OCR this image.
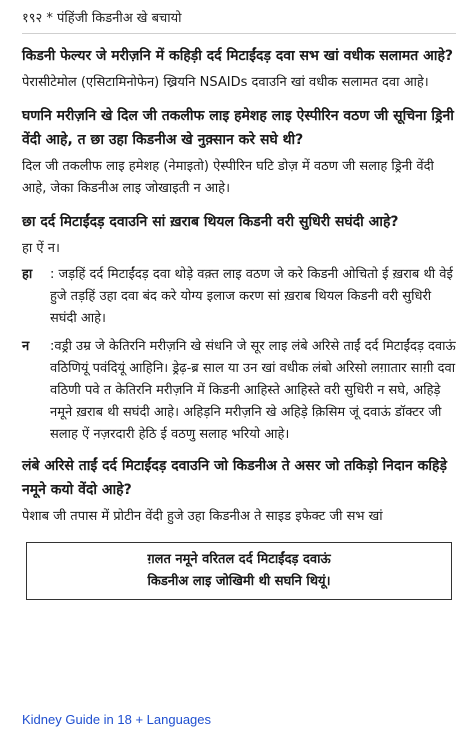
१९२ * पंहिंजी किडनीअ खे बचायो

किडनी फेल्यर जे मरीज़नि में कहिड़ी दर्द मिटाईंदड़ दवा सभ खां वधीक सलामत आहे?

पेरासीटेमोल (एसिटामिनोफेन) ख्रियनि NSAIDs दवाउनि खां वधीक सलामत दवा आहे।

घणनि मरीज़नि खे दिल जी तकलीफ लाइ हमेशह लाइ ऐस्पीरिन वठण जी सूचिना ड्रिनी वेंदी आहे, त छा उहा किडनीअ खे नुक़्सान करे सघे थी?

दिल जी तकलीफ लाइ हमेशह (नेमाइतो) ऐस्पीरिन घटि डोज़ में वठण जी सलाह ड्रिनी वेंदी आहे, जेका किडनीअ लाइ जोखाइती न आहे।

छा दर्द मिटाईंदड़ दवाउनि सां ख़राब थियल किडनी वरी सुधिरी सघंदी आहे?

हा ऐं न।

हा : जड़हिं दर्द मिटाईंदड़ दवा थोड़े वक़्त लाइ वठण जे करे किडनी ओचितो ई ख़राब थी वेई हुजे तड़हिं उहा दवा बंद करे योग्य इलाज करण सां ख़राब थियल किडनी वरी सुधिरी सघंदी आहे।
न :वड्री उम्र जे केतिरनि मरीज़नि खे संधनि जे सूर लाइ लंबे अरिसे ताईं दर्द मिटाईंदड़ दवाऊं वठिणियूं पवंदियूं आहिनि। ड्रेढ़-ब्र साल या उन खां वधीक लंबो अरिसो लग़ातार साग़ी दवा वठिणी पवे त केतिरनि मरीज़नि में किडनी आहिस्ते आहिस्ते वरी सुधिरी न सघे, अहिड़े नमूने ख़राब थी सघंदी आहे। अहिड़नि मरीज़नि खे अहिड़े क़िसिम जूं दवाऊं डॉक्टर जी सलाह ऐं नज़रदारी हेठि ई वठणु सलाह भरियो आहे।

लंबे अरिसे ताईं दर्द मिटाईंदड़ दवाउनि जो किडनीअ ते असर जो तकिड़ो निदान कहिड़े नमूने कयो वेंदो आहे?

पेशाब जी तपास में प्रोटीन वेंदी हुजे उहा किडनीअ ते साइड इफेक्ट जी सभ खां

ग़लत नमूने वरितल दर्द मिटाईंदड़ दवाऊं
किडनीअ लाइ जोखिमी थी सघनि थियूं।
Kidney Guide in 18 + Languages
